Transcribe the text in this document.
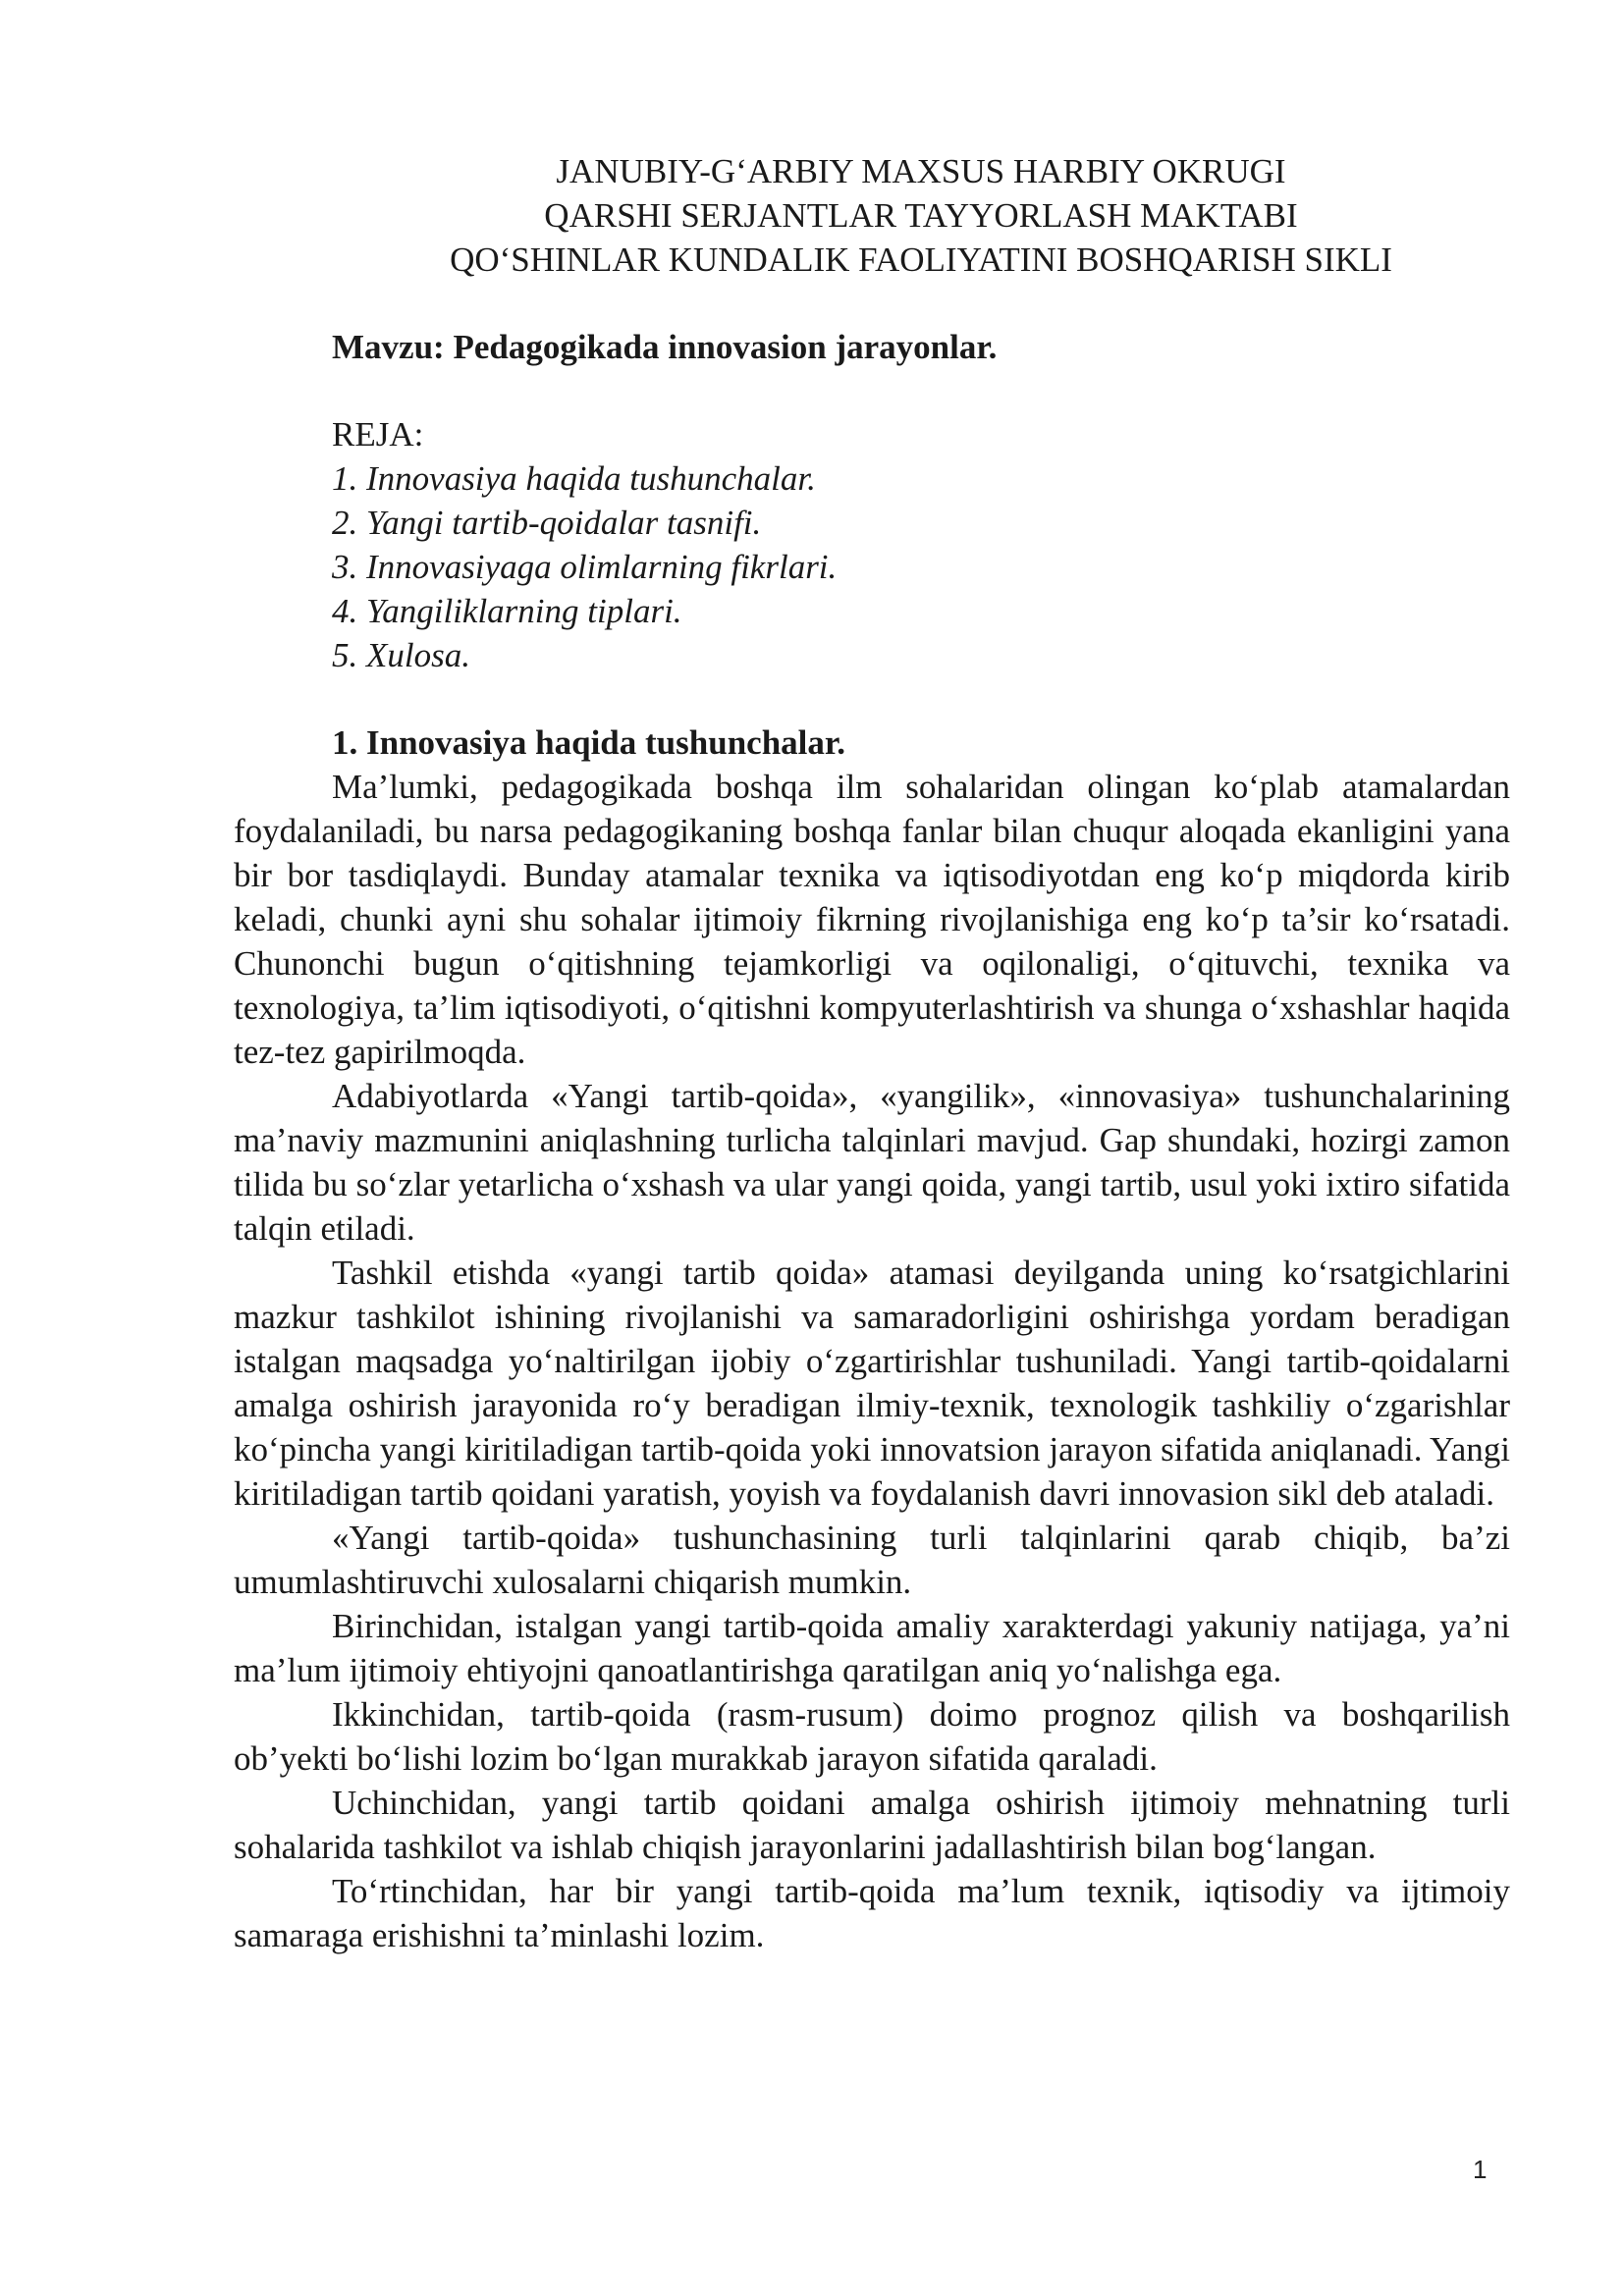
JANUBIY-G‘ARBIY MAXSUS HARBIY OKRUGI
QARSHI SERJANTLAR TAYYORLASH MAKTABI
QO‘SHINLAR KUNDALIK FAOLIYATINI BOSHQARISH SIKLI
Mavzu: Pedagogikada innovasion jarayonlar.
REJA:
1. Innovasiya haqida tushunchalar.
2. Yangi tartib-qoidalar tasnifi.
3. Innovasiyaga olimlarning fikrlari.
4. Yangiliklarning tiplari.
5. Xulosa.
1. Innovasiya haqida tushunchalar.

Ma’lumki, pedagogikada boshqa ilm sohalaridan olingan ko‘plab atamalardan foydalaniladi, bu narsa pedagogikaning boshqa fanlar bilan chuqur aloqada ekanligini yana bir bor tasdiqlaydi. Bunday atamalar texnika va iqtisodiyotdan eng ko‘p miqdorda kirib keladi, chunki ayni shu sohalar ijtimoiy fikrning rivojlanishiga eng ko‘p ta’sir ko‘rsatadi. Chunonchi bugun o‘qitishning tejamkorligi va oqilonaligi, o‘qituvchi, texnika va texnologiya, ta’lim iqtisodiyoti, o‘qitishni kompyuterlashtirish va shunga o‘xshashlar haqida tez-tez gapirilmoqda.

Adabiyotlarda «Yangi tartib-qoida», «yangilik», «innovasiya» tushunchalarining ma’naviy mazmunini aniqlashning turlicha talqinlari mavjud. Gap shundaki, hozirgi zamon tilida bu so‘zlar yetarlicha o‘xshash va ular yangi qoida, yangi tartib, usul yoki ixtiro sifatida talqin etiladi.

Tashkil etishda «yangi tartib qoida» atamasi deyilganda uning ko‘rsatgichlarini mazkur tashkilot ishining rivojlanishi va samaradorligini oshirishga yordam beradigan istalgan maqsadga yo‘naltirilgan ijobiy o‘zgartirishlar tushuniladi. Yangi tartib-qoidalarni amalga oshirish jarayonida ro‘y beradigan ilmiy-texnik, texnologik tashkiliy o‘zgarishlar ko‘pincha yangi kiritiladigan tartib-qoida yoki innovatsion jarayon sifatida aniqlanadi. Yangi kiritiladigan tartib qoidani yaratish, yoyish va foydalanish davri innovasion sikl deb ataladi.

«Yangi tartib-qoida» tushunchasining turli talqinlarini qarab chiqib, ba’zi umumlashtiruvchi xulosalarni chiqarish mumkin.

Birinchidan, istalgan yangi tartib-qoida amaliy xarakterdagi yakuniy natijaga, ya’ni ma’lum ijtimoiy ehtiyojni qanoatlantirishga qaratilgan aniq yo‘nalishga ega.

Ikkinchidan, tartib-qoida (rasm-rusum) doimo prognoz qilish va boshqarilish ob’yekti bo‘lishi lozim bo‘lgan murakkab jarayon sifatida qaraladi.

Uchinchidan, yangi tartib qoidani amalga oshirish ijtimoiy mehnatning turli sohalarida tashkilot va ishlab chiqish jarayonlarini jadallashtirish bilan bog‘langan.

To‘rtinchidan, har bir yangi tartib-qoida ma’lum texnik, iqtisodiy va ijtimoiy samaraga erishishni ta’minlashi lozim.

1
